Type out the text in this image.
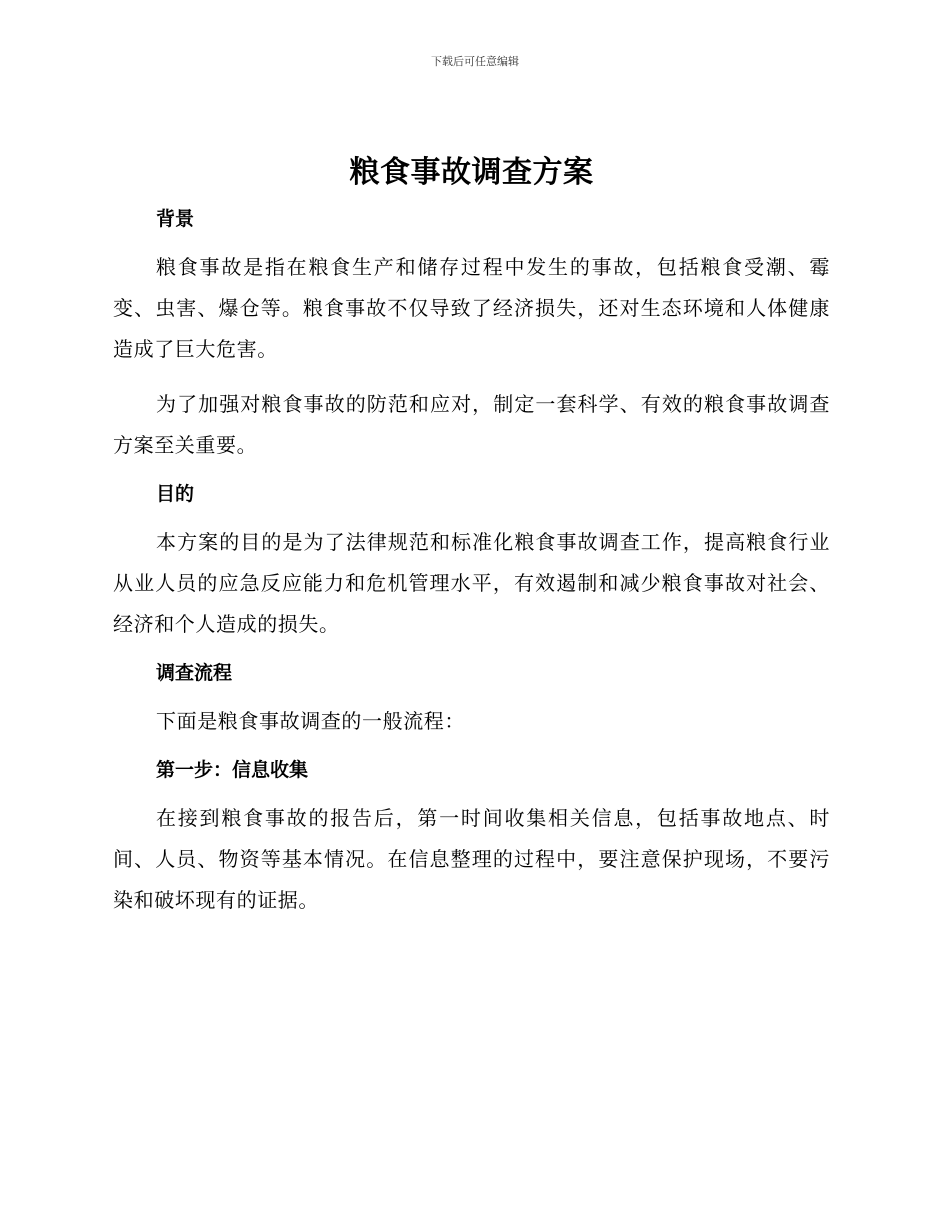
下载后可任意编辑
粮食事故调查方案
背景

粮食事故是指在粮食生产和储存过程中发生的事故，包括粮食受潮、霉变、虫害、爆仓等。粮食事故不仅导致了经济损失，还对生态环境和人体健康造成了巨大危害。

为了加强对粮食事故的防范和应对，制定一套科学、有效的粮食事故调查方案至关重要。

目的

本方案的目的是为了法律规范和标准化粮食事故调查工作，提高粮食行业从业人员的应急反应能力和危机管理水平，有效遏制和减少粮食事故对社会、经济和个人造成的损失。

调查流程

下面是粮食事故调查的一般流程：

第一步：信息收集

在接到粮食事故的报告后，第一时间收集相关信息，包括事故地点、时间、人员、物资等基本情况。在信息整理的过程中，要注意保护现场，不要污染和破坏现有的证据。
